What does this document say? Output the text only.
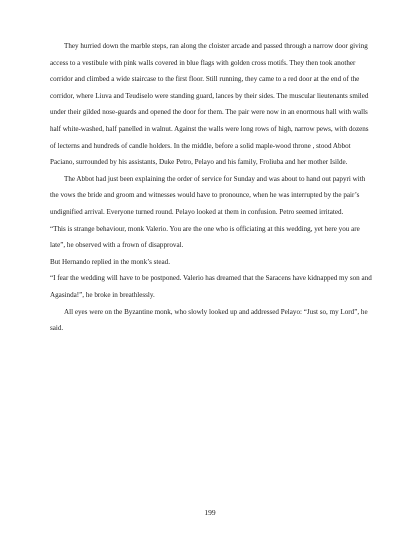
They hurried down the marble steps, ran along the cloister arcade and passed through a narrow door giving access to a vestibule with pink walls covered in blue flags with golden cross motifs. They then took another corridor and climbed a wide staircase to the first floor. Still running, they came to a red door at the end of the corridor, where Liuva and Teudiselo were standing guard, lances by their sides. The muscular lieutenants smiled under their gilded nose-guards and opened the door for them. The pair were now in an enormous hall with walls half white-washed, half panelled in walnut. Against the walls were long rows of high, narrow pews, with dozens of lecterns and hundreds of candle holders. In the middle, before a solid maple-wood throne , stood Abbot Paciano, surrounded by his assistants, Duke Petro, Pelayo and his family, Froliuba and her mother Isilde.

The Abbot had just been explaining the order of service for Sunday and was about to hand out papyri with the vows the bride and groom and witnesses would have to pronounce, when he was interrupted by the pair’s undignified arrival. Everyone turned round. Pelayo looked at them in confusion. Petro seemed irritated.

“This is strange behaviour, monk Valerio. You are the one who is officiating at this wedding, yet here you are late”, he observed with a frown of disapproval.

But Hernando replied in the monk’s stead.

“I fear the wedding will have to be postponed. Valerio has dreamed that the Saracens have kidnapped my son and Agasinda!”, he broke in breathlessly.

All eyes were on the Byzantine monk, who slowly looked up and addressed Pelayo: “Just so, my Lord”, he said.

199
